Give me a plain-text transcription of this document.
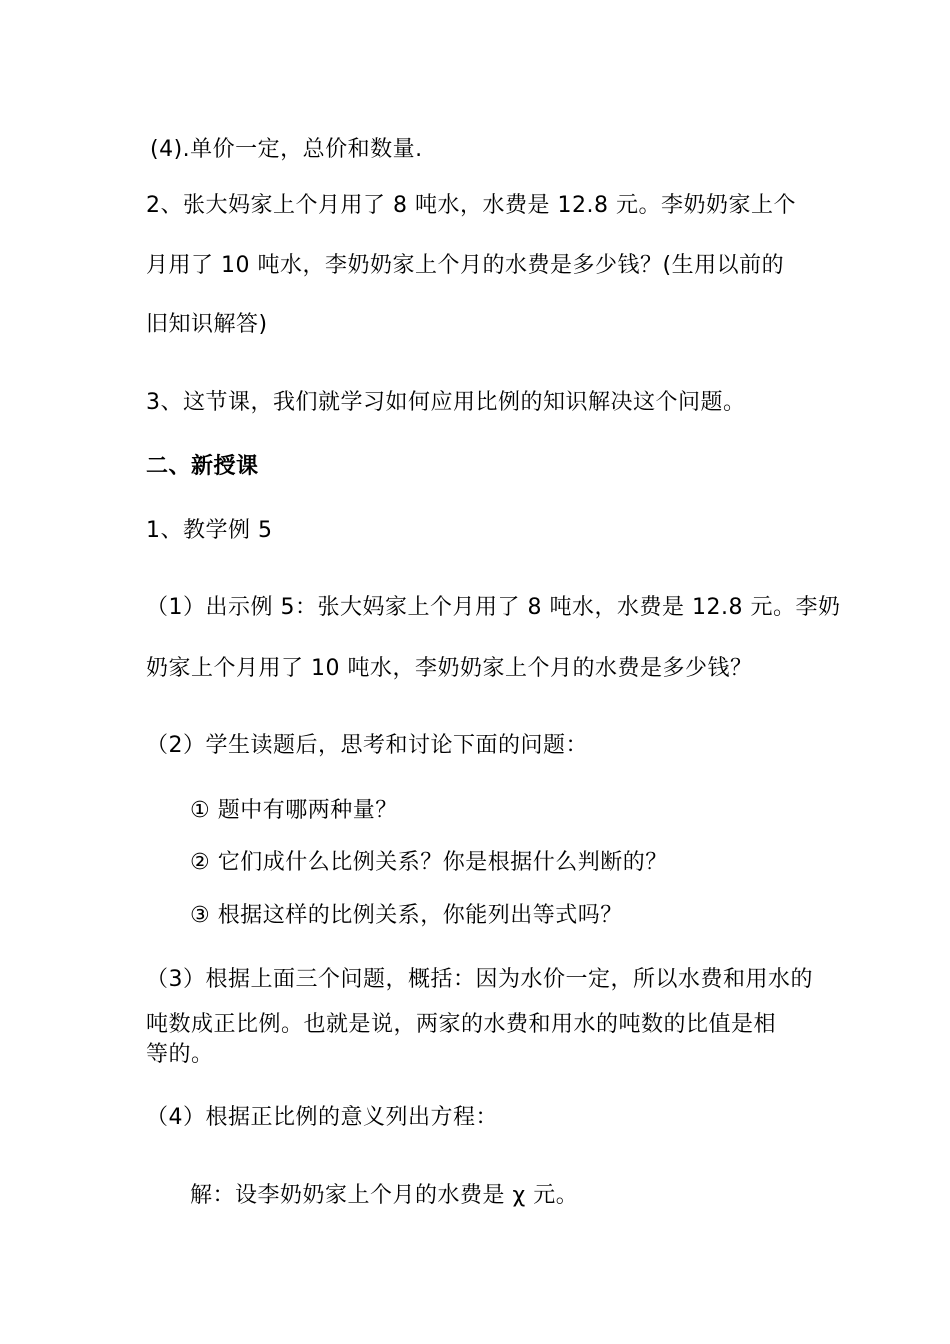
(4).单价一定，总价和数量.
2、张大妈家上个月用了 8 吨水，水费是 12.8 元。李奶奶家上个
月用了 10 吨水，李奶奶家上个月的水费是多少钱？(生用以前的
旧知识解答)
3、这节课，我们就学习如何应用比例的知识解决这个问题。
二、新授课
1、教学例 5
（1）出示例 5：张大妈家上个月用了 8 吨水，水费是 12.8 元。李奶
奶家上个月用了 10 吨水，李奶奶家上个月的水费是多少钱？
（2）学生读题后，思考和讨论下面的问题：
① 题中有哪两种量？
② 它们成什么比例关系？你是根据什么判断的？
③ 根据这样的比例关系，你能列出等式吗？
（3）根据上面三个问题，概括：因为水价一定，所以水费和用水的
吨数成正比例。也就是说，两家的水费和用水的吨数的比值是相
等的。
（4）根据正比例的意义列出方程：
解：设李奶奶家上个月的水费是 χ 元。
